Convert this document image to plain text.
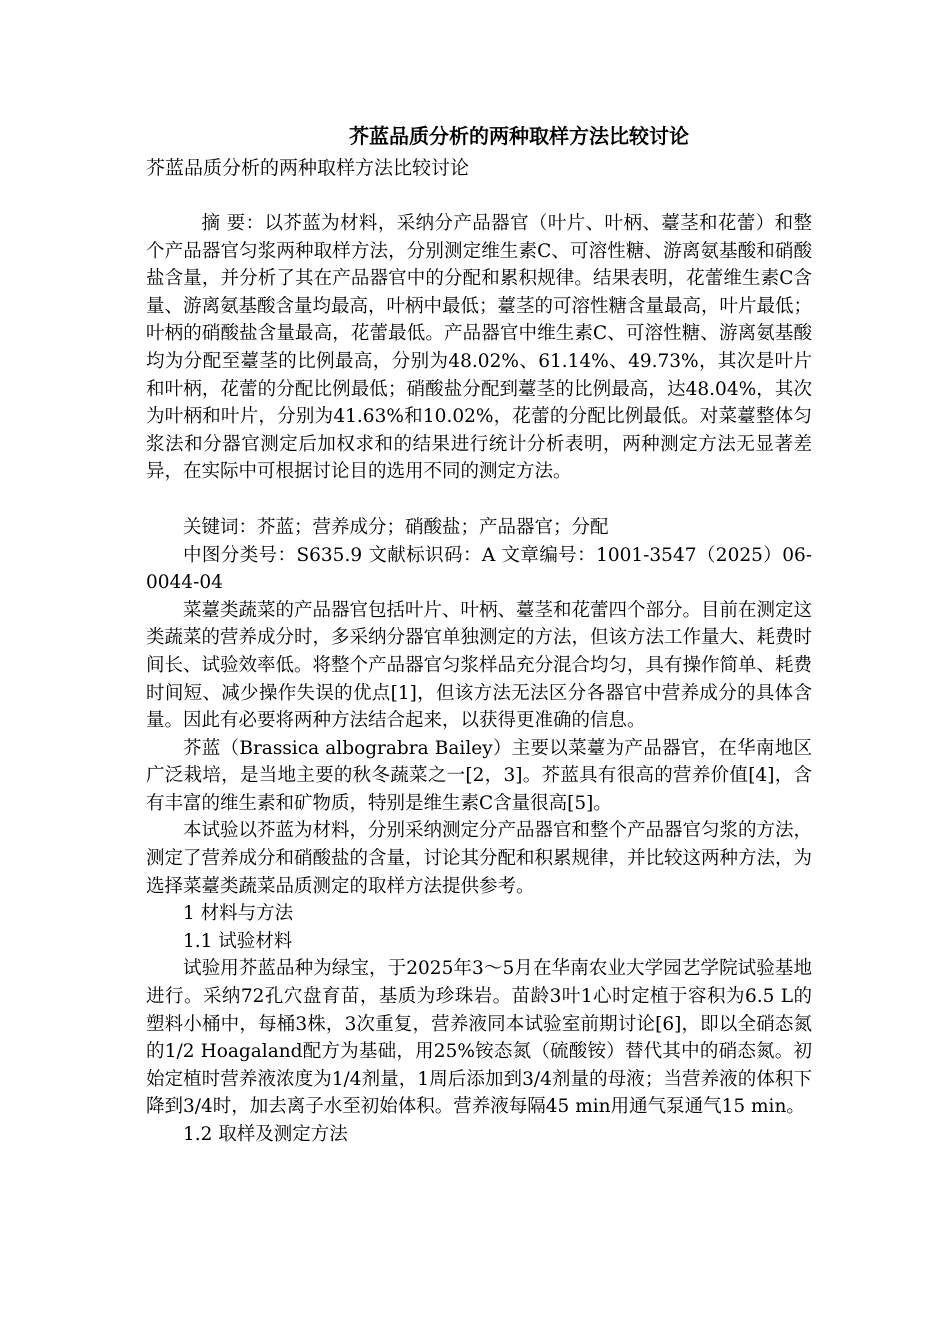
芥蓝品质分析的两种取样方法比较讨论
芥蓝品质分析的两种取样方法比较讨论

摘 要：以芥蓝为材料，采纳分产品器官（叶片、叶柄、薹茎和花蕾）和整个产品器官匀浆两种取样方法，分别测定维生素C、可溶性糖、游离氨基酸和硝酸盐含量，并分析了其在产品器官中的分配和累积规律。结果表明，花蕾维生素C含量、游离氨基酸含量均最高，叶柄中最低；薹茎的可溶性糖含量最高，叶片最低；叶柄的硝酸盐含量最高，花蕾最低。产品器官中维生素C、可溶性糖、游离氨基酸均为分配至薹茎的比例最高，分别为48.02%、61.14%、49.73%，其次是叶片和叶柄，花蕾的分配比例最低；硝酸盐分配到薹茎的比例最高，达48.04%，其次为叶柄和叶片，分别为41.63%和10.02%，花蕾的分配比例最低。对菜薹整体匀浆法和分器官测定后加权求和的结果进行统计分析表明，两种测定方法无显著差异，在实际中可根据讨论目的选用不同的测定方法。

关键词：芥蓝；营养成分；硝酸盐；产品器官；分配

中图分类号：S635.9 文献标识码：A 文章编号：1001-3547（2025）06-0044-04

菜薹类蔬菜的产品器官包括叶片、叶柄、薹茎和花蕾四个部分。目前在测定这类蔬菜的营养成分时，多采纳分器官单独测定的方法，但该方法工作量大、耗费时间长、试验效率低。将整个产品器官匀浆样品充分混合均匀，具有操作简单、耗费时间短、减少操作失误的优点[1]，但该方法无法区分各器官中营养成分的具体含量。因此有必要将两种方法结合起来，以获得更准确的信息。

芥蓝（Brassica albograbra Bailey）主要以菜薹为产品器官，在华南地区广泛栽培，是当地主要的秋冬蔬菜之一[2，3]。芥蓝具有很高的营养价值[4]，含有丰富的维生素和矿物质，特别是维生素C含量很高[5]。

本试验以芥蓝为材料，分别采纳测定分产品器官和整个产品器官匀浆的方法，测定了营养成分和硝酸盐的含量，讨论其分配和积累规律，并比较这两种方法，为选择菜薹类蔬菜品质测定的取样方法提供参考。

1 材料与方法

1.1 试验材料

试验用芥蓝品种为绿宝，于2025年3～5月在华南农业大学园艺学院试验基地进行。采纳72孔穴盘育苗，基质为珍珠岩。苗龄3叶1心时定植于容积为6.5 L的塑料小桶中，每桶3株，3次重复，营养液同本试验室前期讨论[6]，即以全硝态氮的1/2 Hoagaland配方为基础，用25%铵态氮（硫酸铵）替代其中的硝态氮。初始定植时营养液浓度为1/4剂量，1周后添加到3/4剂量的母液；当营养液的体积下降到3/4时，加去离子水至初始体积。营养液每隔45 min用通气泵通气15 min。

1.2 取样及测定方法
